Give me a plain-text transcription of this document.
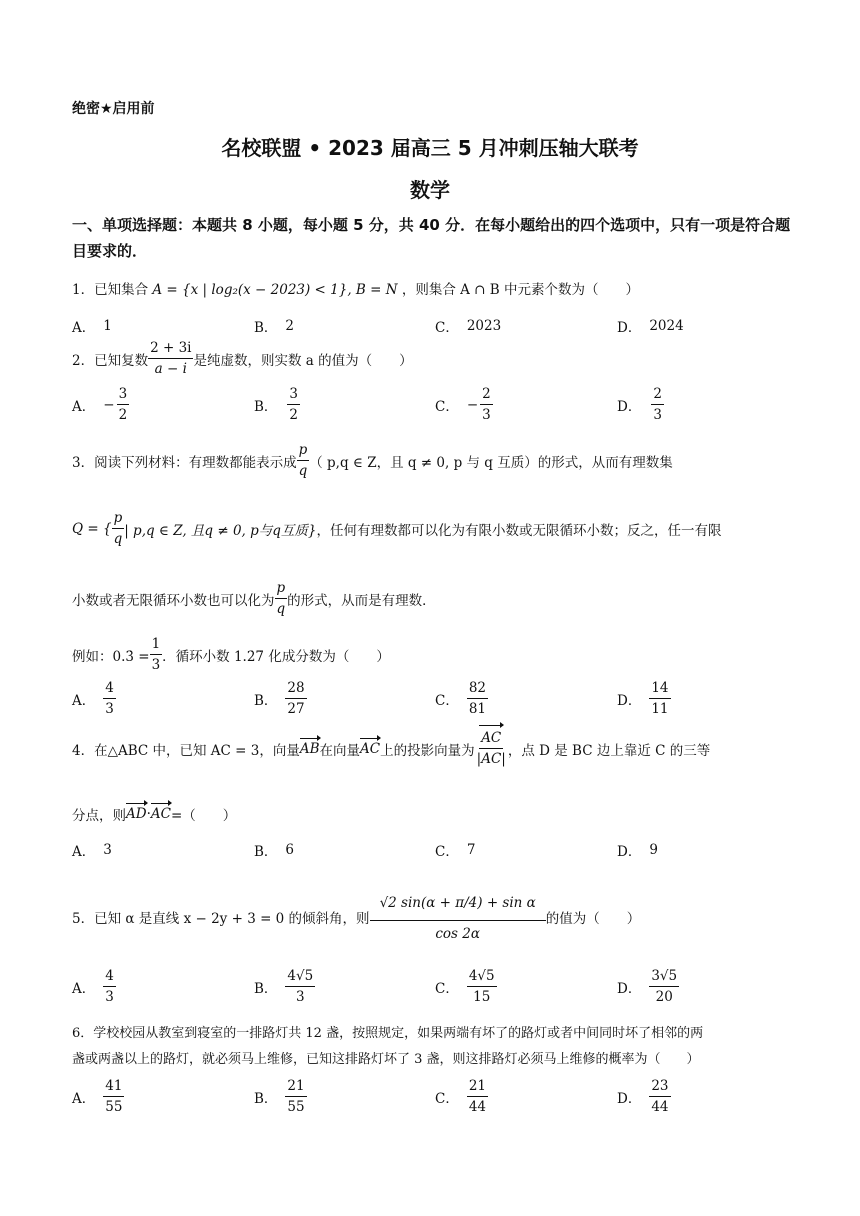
绝密★启用前
名校联盟 • 2023 届高三 5 月冲刺压轴大联考
数学
一、单项选择题：本题共 8 小题，每小题 5 分，共 40 分．在每小题给出的四个选项中，只有一项是符合题目要求的．
1．已知集合 A = {x | log₂(x − 2023) < 1}, B = N ，则集合 A ∩ B 中元素个数为（　　）
A． 1	B． 2	C． 2023	D． 2024
2．已知复数 $\frac{2 + 3i}{a - i}$ 是纯虚数，则实数 a 的值为（　　）
A． − $\frac{3}{2}$	B． $\frac{3}{2}$	C． − $\frac{2}{3}$	D． $\frac{2}{3}$
3．阅读下列材料：有理数都能表示成 $\frac{p}{q}$ （ p,q ∈ Z，且 q ≠ 0, p 与 q 互质）的形式，从而有理数集
Q = { $\frac{p}{q}$ | p,q ∈ Z, 且q ≠ 0, p与q互质} ，任何有理数都可以化为有限小数或无限循环小数；反之，任一有限
小数或者无限循环小数也可以化为 $\frac{p}{q}$ 的形式，从而是有理数．
例如：0.3̇ = $\frac{1}{3}$ ．循环小数 1.2̇7̇ 化成分数为（　　）
A． $\frac{4}{3}$	B． $\frac{28}{27}$	C． $\frac{82}{81}$	D． $\frac{14}{11}$
4．在△ABC 中，已知 AC = 3，向量 AB 在向量 AC 上的投影向量为 $\frac{AC}{|AC|}$ ，点 D 是 BC 边上靠近 C 的三等
分点，则 AD · AC =（　　）
A． 3	B． 6	C． 7	D． 9
5．已知 α 是直线 x − 2y + 3 = 0 的倾斜角，则 $\frac{\text{√2 sin(α + π/4) + sin α}}{\cos 2\alpha}$ 的值为（　　）
A． $\frac{4}{3}$	B． $\frac{4√5}{3}$	C． $\frac{4√5}{15}$	D． $\frac{3√5}{20}$
6．学校校园从教室到寝室的一排路灯共 12 盏，按照规定，如果两端有坏了的路灯或者中间同时坏了相邻的两
盏或两盏以上的路灯，就必须马上维修，已知这排路灯坏了 3 盏，则这排路灯必须马上维修的概率为（　　）
A． $\frac{41}{55}$	B． $\frac{21}{55}$	C． $\frac{21}{44}$	D． $\frac{23}{44}$
